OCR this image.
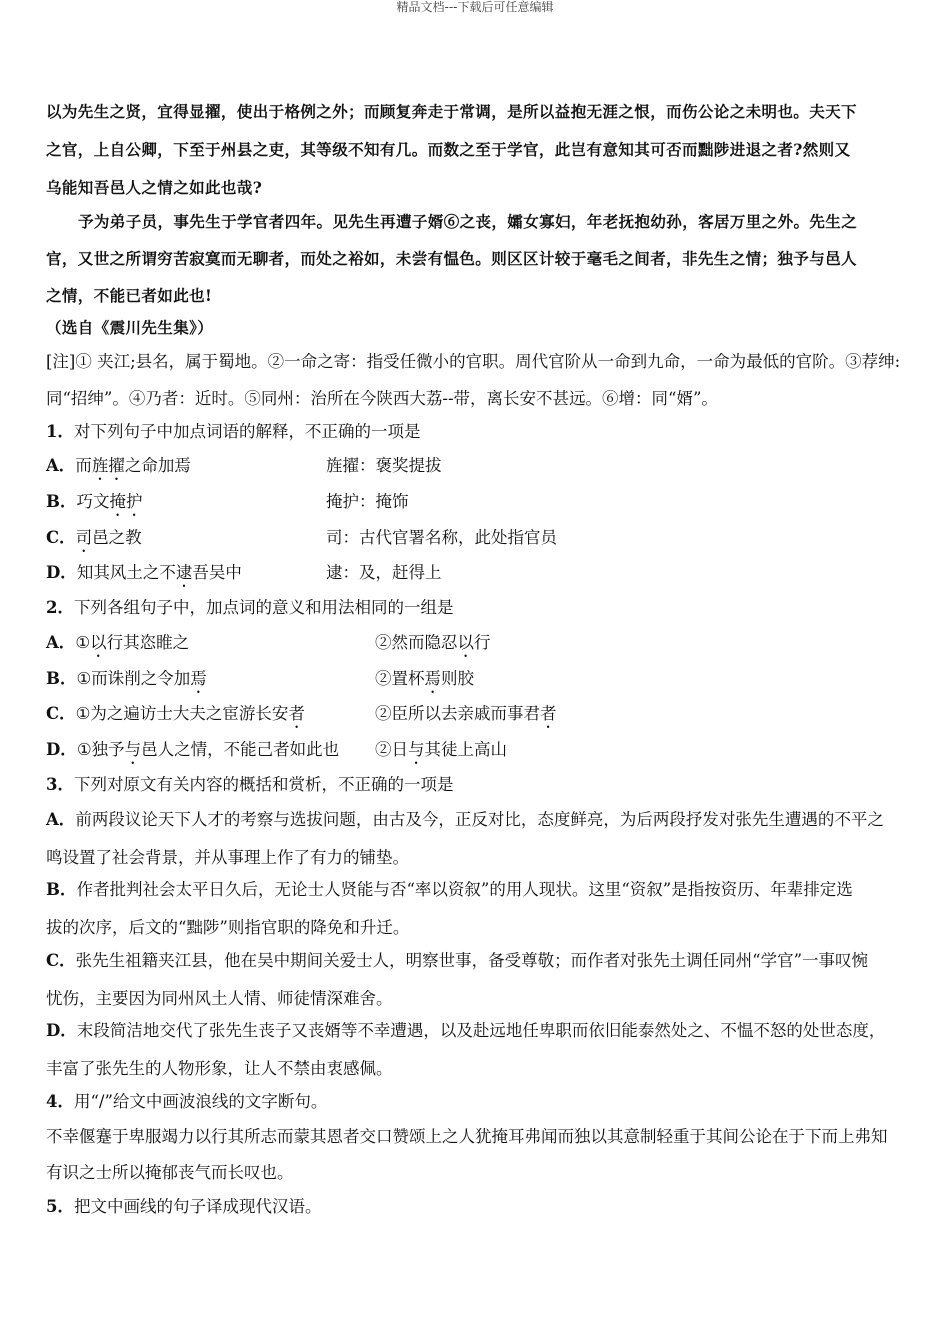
精品文档---下载后可任意编辑
以为先生之贤，宜得显擢，使出于格例之外；而顾复奔走于常调，是所以益抱无涯之恨，而伤公论之未明也。夫天下
之官，上自公卿，下至于州县之吏，其等级不知有几。而数之至于学官，此岂有意知其可否而黜陟进退之者?然则又
乌能知吾邑人之情之如此也哉?
予为弟子员，事先生于学官者四年。见先生再遭子婿⑥之丧，孀女寡妇，年老抚抱幼孙，客居万里之外。先生之
官，又世之所谓穷苦寂寞而无聊者，而处之裕如，未尝有愠色。则区区计较于毫毛之间者，非先生之情；独予与邑人
之情，不能已者如此也!
（选自《震川先生集》）
[注]① 夹江;县名，属于蜀地。②一命之寄：指受任微小的官职。周代官阶从一命到九命，一命为最低的官阶。③荐绅:
同“招绅”。④乃者：近时。⑤同州：治所在今陕西大荔--带，离长安不甚远。⑥增：同“婿”。
1．对下列句子中加点词语的解释，不正确的一项是
A．而旌擢之命加焉	旌擢：褒奖提拔
B．巧文掩护	掩护：掩饰
C．司邑之教	司：古代官署名称，此处指官员
D．知其风土之不逮吾吴中	逮：及，赶得上
2．下列各组句子中，加点词的意义和用法相同的一组是
A．①以行其恣睢之	②然而隐忍以行
B．①而诛削之令加焉	②置杯焉则胶
C．①为之遍访士大夫之宦游长安者	②臣所以去亲戚而事君者
D．①独予与邑人之情，不能己者如此也 ②日与其徒上高山
3．下列对原文有关内容的概括和赏析，不正确的一项是
A．前两段议论天下人才的考察与选拔问题，由古及今，正反对比，态度鲜亮，为后两段抒发对张先生遭遇的不平之
鸣设置了社会背景，并从事理上作了有力的铺垫。
B．作者批判社会太平日久后，无论士人贤能与否“率以资叙”的用人现状。这里“资叙”是指按资历、年辈排定选
拔的次序，后文的“黜陟”则指官职的降免和升迁。
C．张先生祖籍夹江县，他在吴中期间关爱士人，明察世事，备受尊敬；而作者对张先土调任同州“学官”一事叹惋
忧伤，主要因为同州风土人情、师徒情深难舍。
D．末段简洁地交代了张先生丧子又丧婿等不幸遭遇，以及赴远地任卑职而依旧能泰然处之、不愠不怒的处世态度，
丰富了张先生的人物形象，让人不禁由衷感佩。
4．用“/”给文中画波浪线的文字断句。
不幸偃蹇于卑服竭力以行其所志而蒙其恩者交口赞颂上之人犹掩耳弗闻而独以其意制轻重于其间公论在于下而上弗知
有识之士所以掩郁丧气而长叹也。
5．把文中画线的句子译成现代汉语。
